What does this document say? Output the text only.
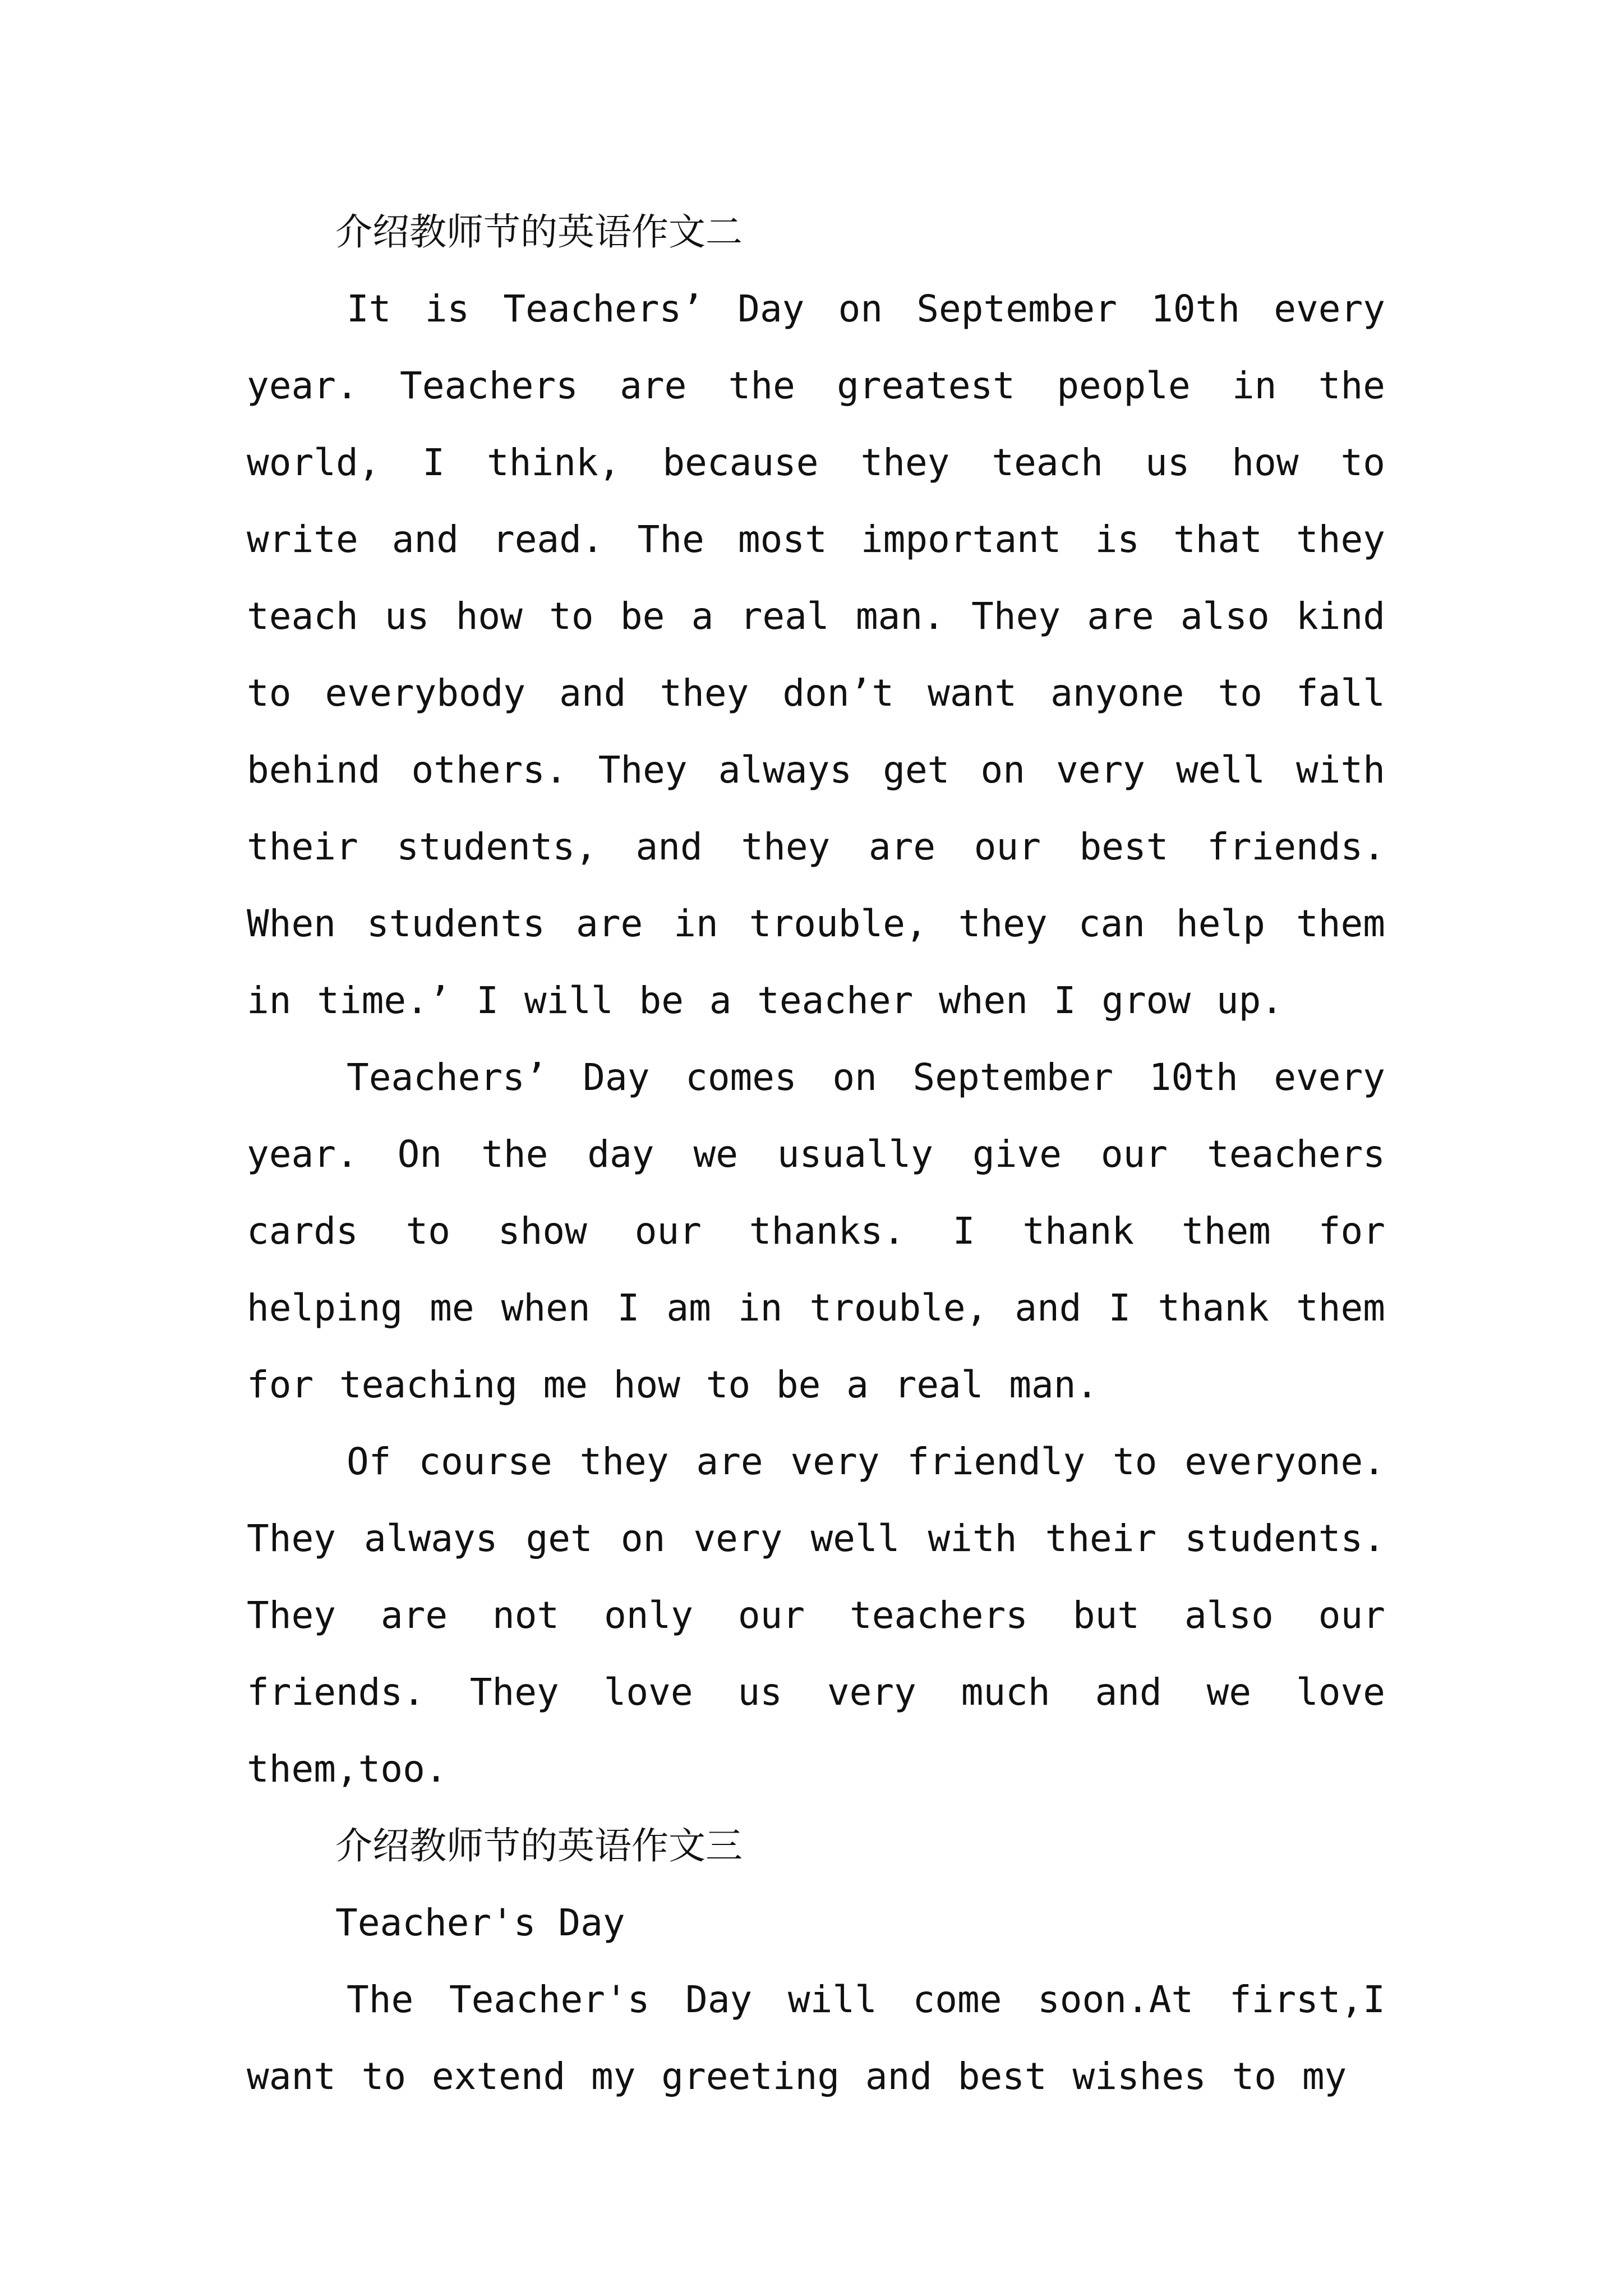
介绍教师节的英语作文二

It is Teachers’ Day on September 10th every year. Teachers are the greatest people in the world, I think, because they teach us how to write and read. The most important is that they teach us how to be a real man. They are also kind to everybody and they don’t want anyone to fall behind others. They always get on very well with their students, and they are our best friends. When students are in trouble, they can help them in time.’ I will be a teacher when I grow up.

Teachers’ Day comes on September 10th every year. On the day we usually give our teachers cards to show our thanks. I thank them for helping me when I am in trouble, and I thank them for teaching me how to be a real man.

Of course they are very friendly to everyone. They always get on very well with their students. They are not only our teachers but also our friends. They love us very much and we love them,too.

介绍教师节的英语作文三

Teacher's Day

The Teacher's Day will come soon.At first,I want to extend my greeting and best wishes to my
